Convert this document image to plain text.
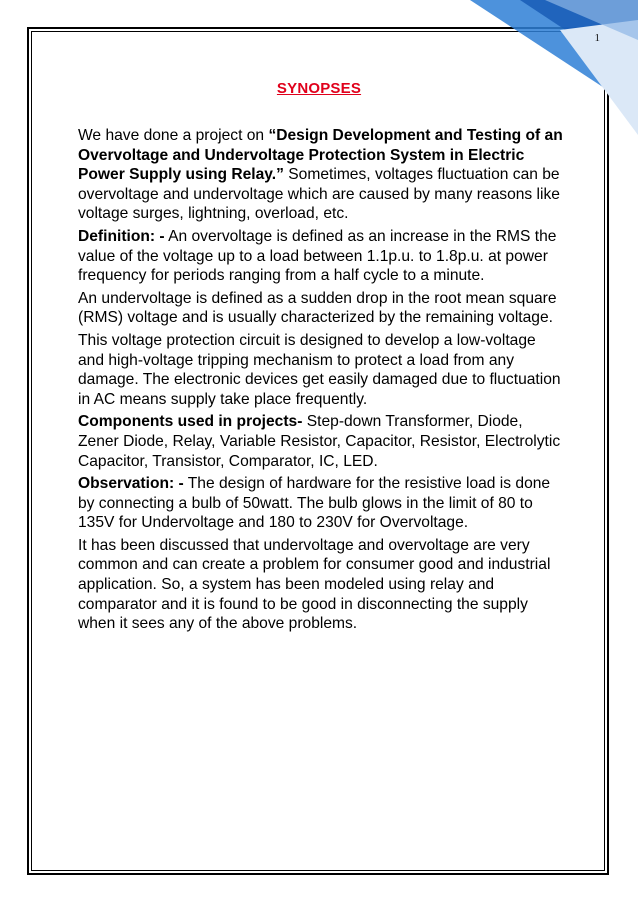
1
SYNOPSES

We have done a project on “Design Development and Testing of an Overvoltage and Undervoltage Protection System in Electric Power Supply using Relay.” Sometimes, voltages fluctuation can be overvoltage and undervoltage which are caused by many reasons like voltage surges, lightning, overload, etc.

Definition: - An overvoltage is defined as an increase in the RMS the value of the voltage up to a load between 1.1p.u. to 1.8p.u. at power frequency for periods ranging from a half cycle to a minute.

An undervoltage is defined as a sudden drop in the root mean square (RMS) voltage and is usually characterized by the remaining voltage.

This voltage protection circuit is designed to develop a low-voltage and high-voltage tripping mechanism to protect a load from any damage. The electronic devices get easily damaged due to fluctuation in AC means supply take place frequently.

Components used in projects- Step-down Transformer, Diode, Zener Diode, Relay, Variable Resistor, Capacitor, Resistor, Electrolytic Capacitor, Transistor, Comparator, IC, LED.

Observation: - The design of hardware for the resistive load is done by connecting a bulb of 50watt. The bulb glows in the limit of 80 to 135V for Undervoltage and 180 to 230V for Overvoltage.

It has been discussed that undervoltage and overvoltage are very common and can create a problem for consumer good and industrial application. So, a system has been modeled using relay and comparator and it is found to be good in disconnecting the supply when it sees any of the above problems.
